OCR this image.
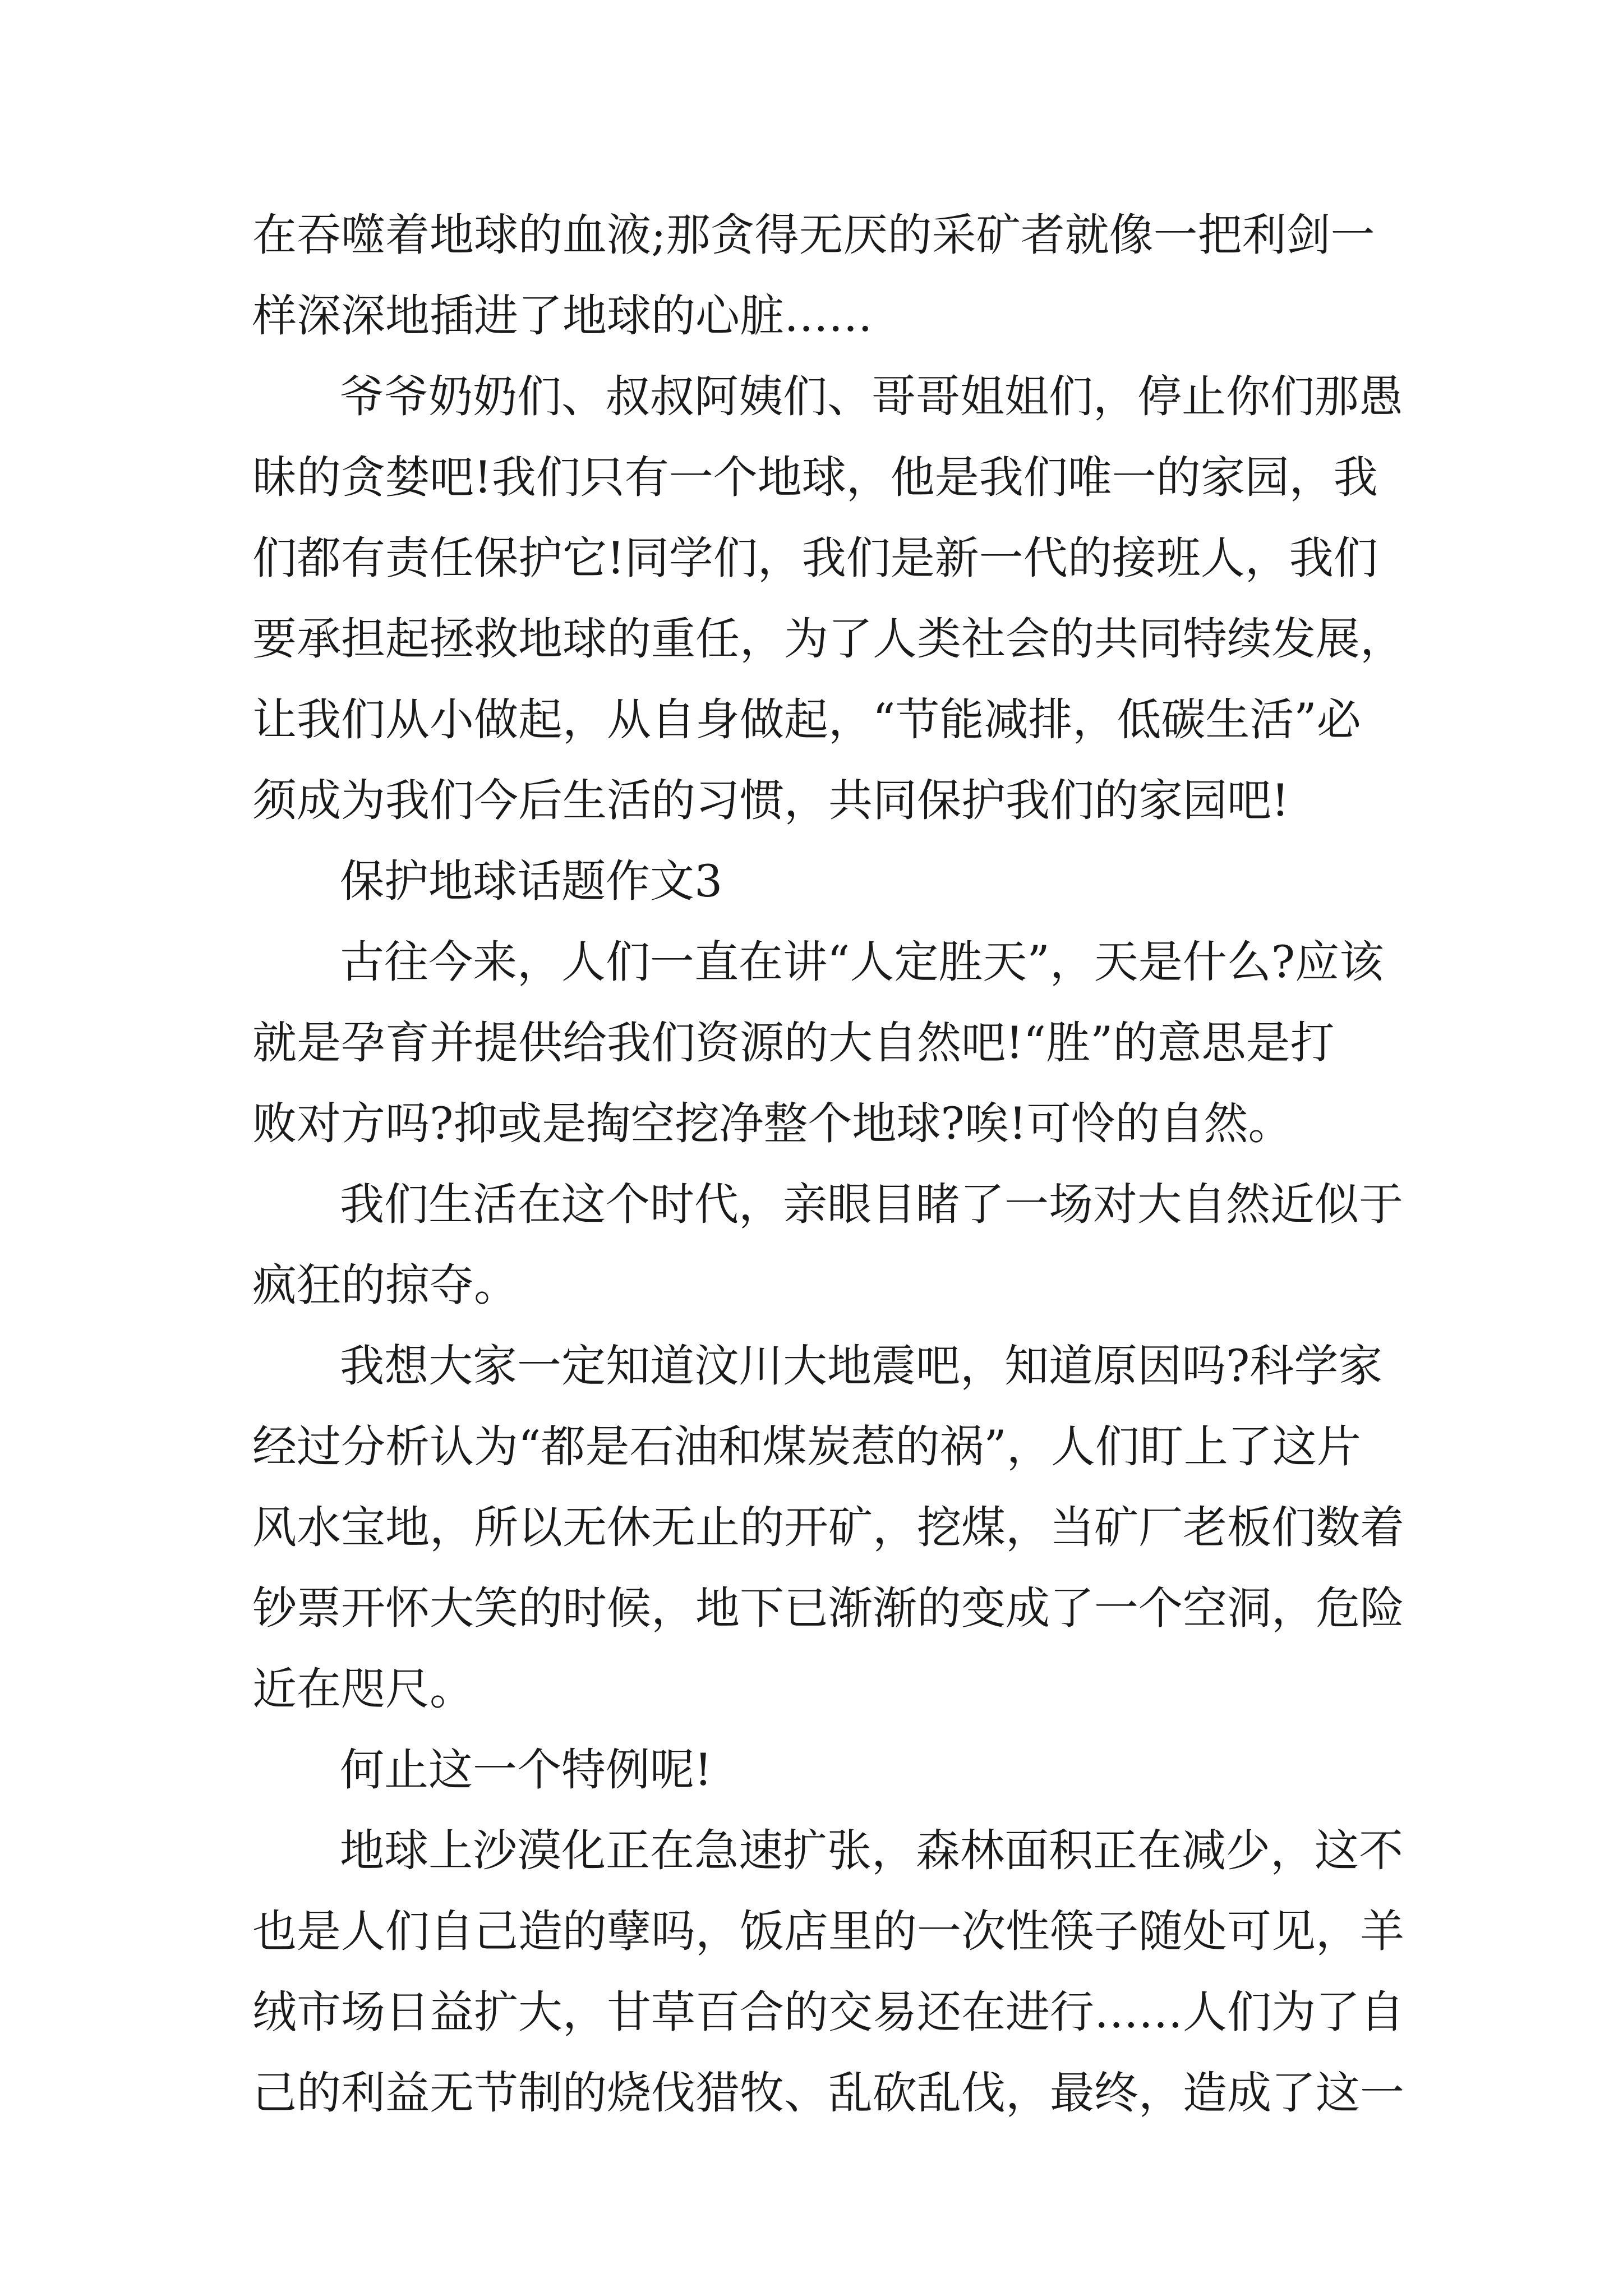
在吞噬着地球的血液;那贪得无厌的采矿者就像一把利剑一
样深深地插进了地球的心脏……
爷爷奶奶们、叔叔阿姨们、哥哥姐姐们，停止你们那愚
昧的贪婪吧!我们只有一个地球，他是我们唯一的家园，我
们都有责任保护它!同学们，我们是新一代的接班人，我们
要承担起拯救地球的重任，为了人类社会的共同特续发展，
让我们从小做起，从自身做起，“节能减排，低碳生活”必
须成为我们今后生活的习惯，共同保护我们的家园吧!
保护地球话题作文3
古往今来，人们一直在讲“人定胜天”，天是什么?应该
就是孕育并提供给我们资源的大自然吧!“胜”的意思是打
败对方吗?抑或是掏空挖净整个地球?唉!可怜的自然。
我们生活在这个时代，亲眼目睹了一场对大自然近似于
疯狂的掠夺。
我想大家一定知道汶川大地震吧，知道原因吗?科学家
经过分析认为“都是石油和煤炭惹的祸”，人们盯上了这片
风水宝地，所以无休无止的开矿，挖煤，当矿厂老板们数着
钞票开怀大笑的时候，地下已渐渐的变成了一个空洞，危险
近在咫尺。
何止这一个特例呢!
地球上沙漠化正在急速扩张，森林面积正在减少，这不
也是人们自己造的孽吗，饭店里的一次性筷子随处可见，羊
绒市场日益扩大，甘草百合的交易还在进行……人们为了自
己的利益无节制的烧伐猎牧、乱砍乱伐，最终，造成了这一
